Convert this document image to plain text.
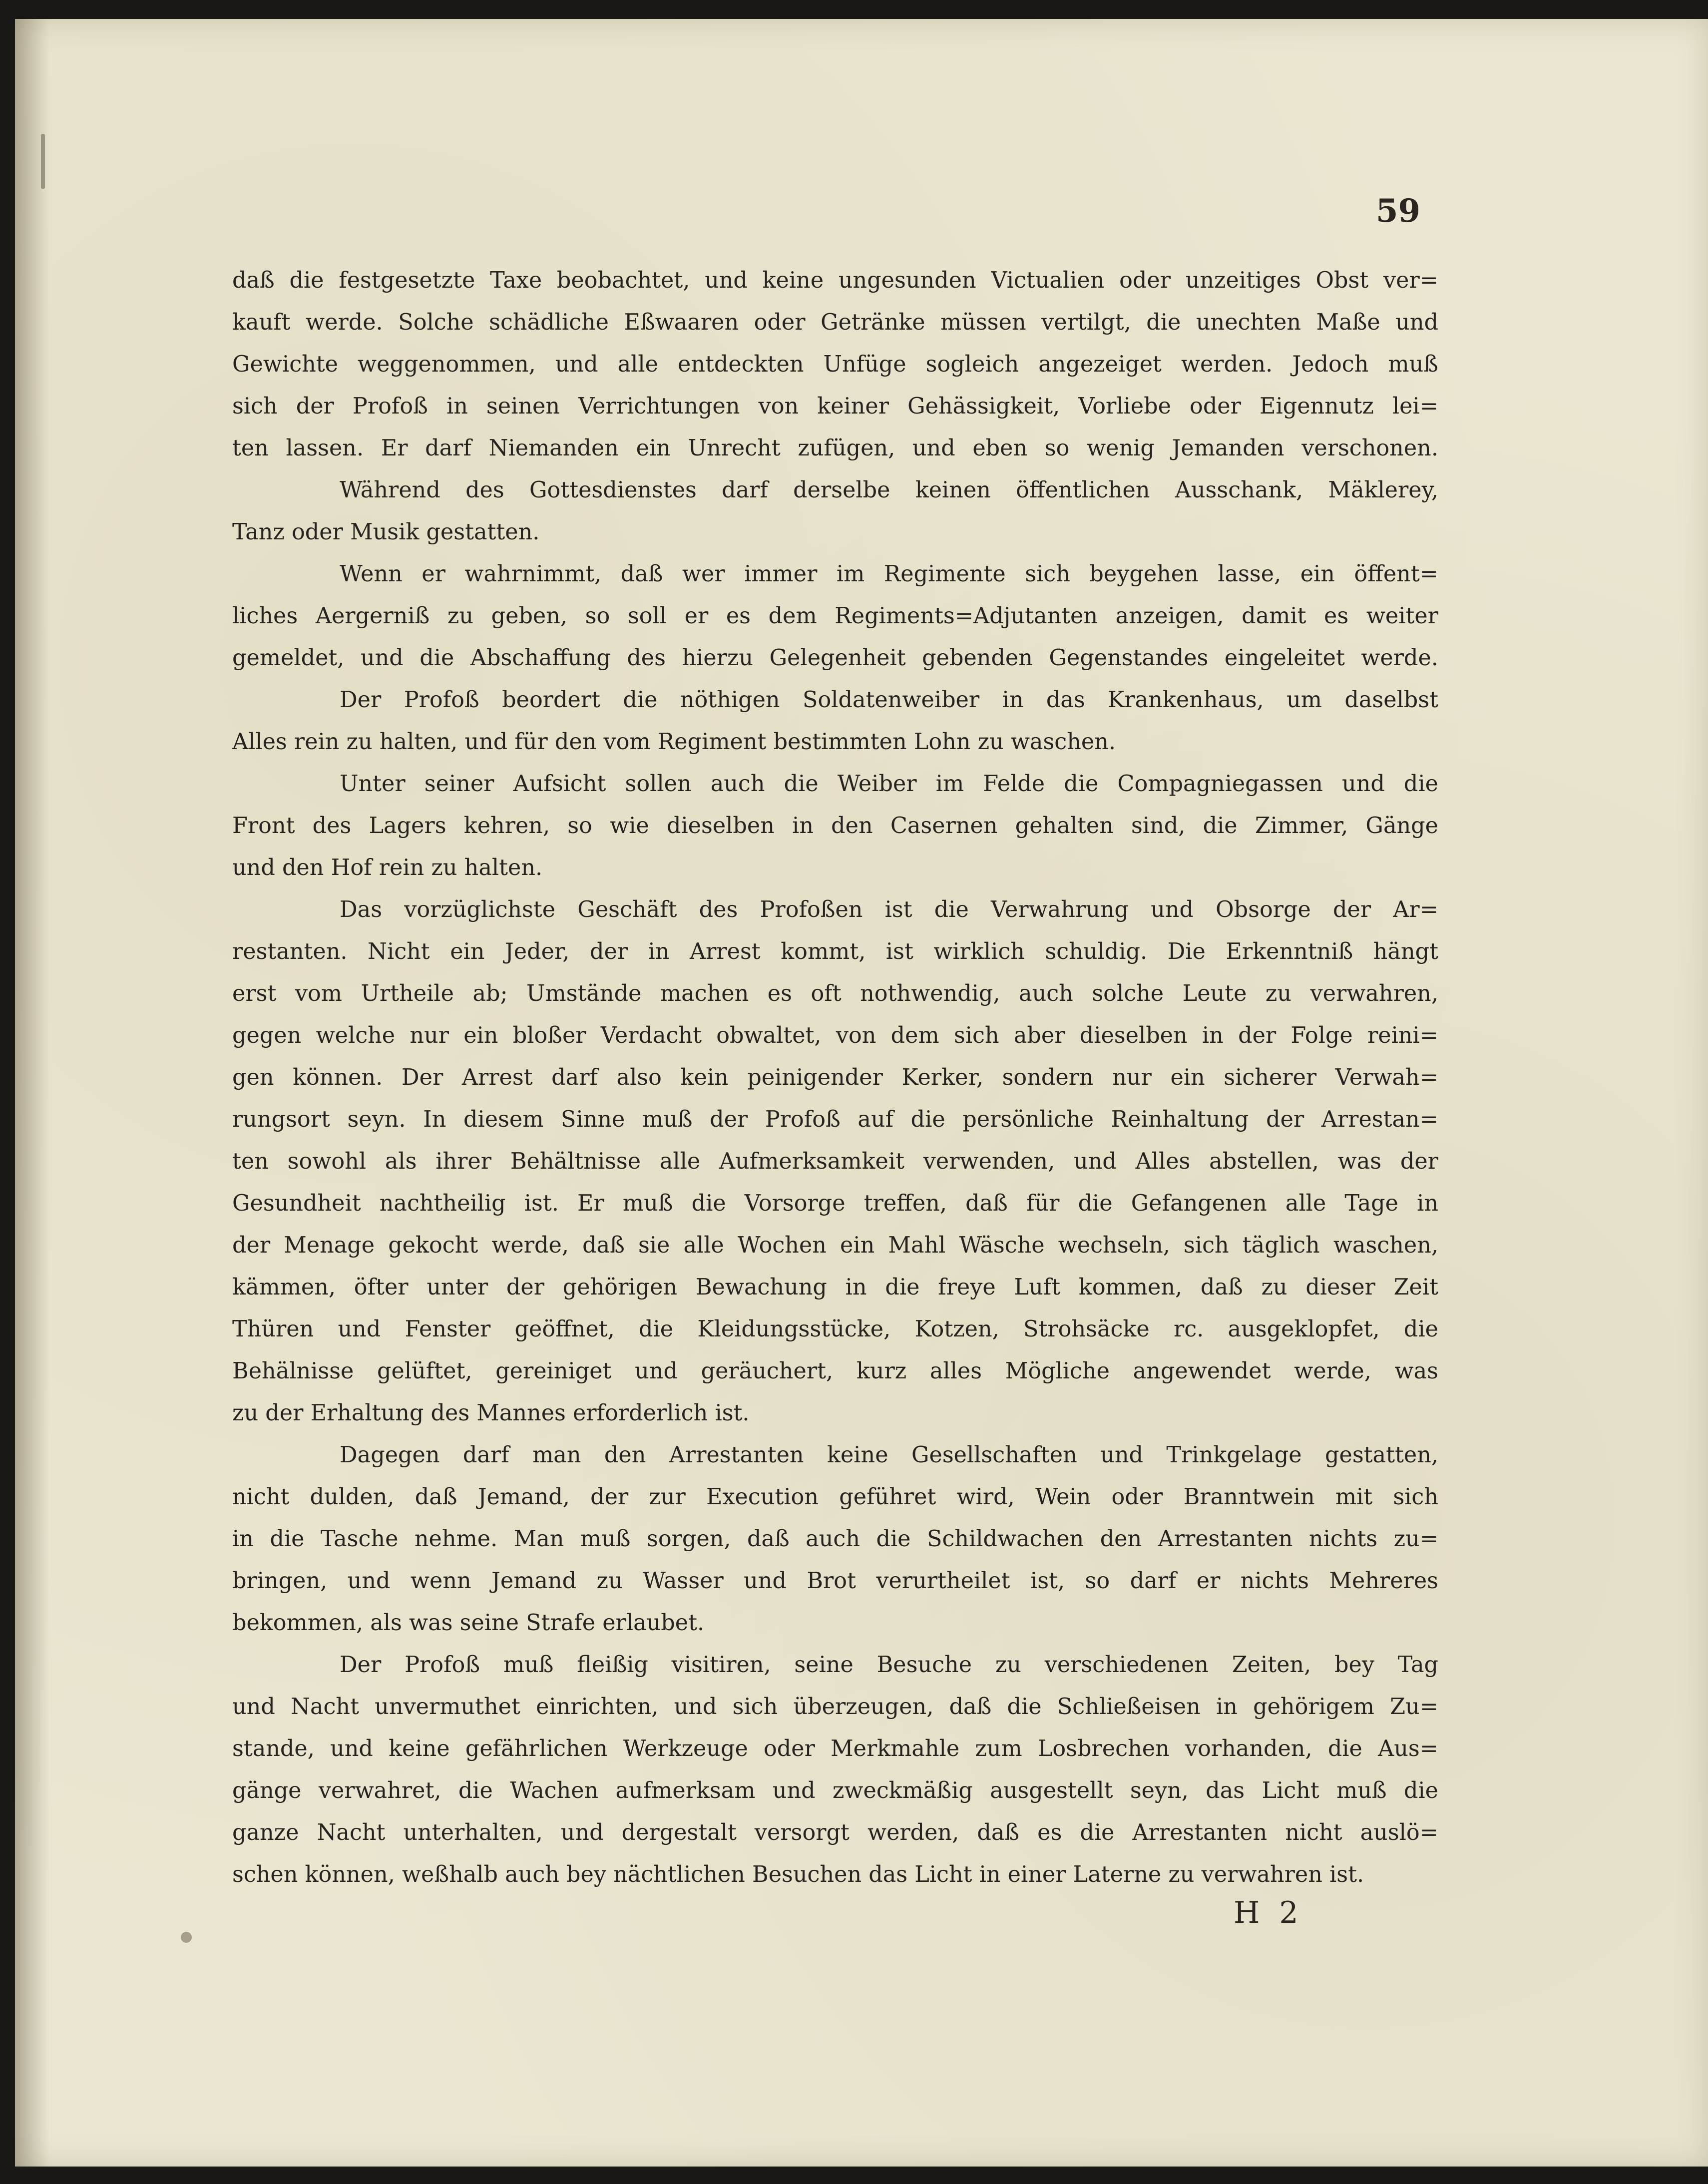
59
daß die festgesetzte Taxe beobachtet, und keine ungesunden Victualien oder unzeitiges Obst ver=
kauft werde. Solche schädliche Eßwaaren oder Getränke müssen vertilgt, die unechten Maße und
Gewichte weggenommen, und alle entdeckten Unfüge sogleich angezeiget werden. Jedoch muß
sich der Profoß in seinen Verrichtungen von keiner Gehässigkeit, Vorliebe oder Eigennutz lei=
ten lassen. Er darf Niemanden ein Unrecht zufügen, und eben so wenig Jemanden verschonen.
Während des Gottesdienstes darf derselbe keinen öffentlichen Ausschank, Mäklerey,
Tanz oder Musik gestatten.
Wenn er wahrnimmt, daß wer immer im Regimente sich beygehen lasse, ein öffent=
liches Aergerniß zu geben, so soll er es dem Regiments=Adjutanten anzeigen, damit es weiter
gemeldet, und die Abschaffung des hierzu Gelegenheit gebenden Gegenstandes eingeleitet werde.
Der Profoß beordert die nöthigen Soldatenweiber in das Krankenhaus, um daselbst
Alles rein zu halten, und für den vom Regiment bestimmten Lohn zu waschen.
Unter seiner Aufsicht sollen auch die Weiber im Felde die Compagniegassen und die
Front des Lagers kehren, so wie dieselben in den Casernen gehalten sind, die Zimmer, Gänge
und den Hof rein zu halten.
Das vorzüglichste Geschäft des Profoßen ist die Verwahrung und Obsorge der Ar=
restanten. Nicht ein Jeder, der in Arrest kommt, ist wirklich schuldig. Die Erkenntniß hängt
erst vom Urtheile ab; Umstände machen es oft nothwendig, auch solche Leute zu verwahren,
gegen welche nur ein bloßer Verdacht obwaltet, von dem sich aber dieselben in der Folge reini=
gen können. Der Arrest darf also kein peinigender Kerker, sondern nur ein sicherer Verwah=
rungsort seyn. In diesem Sinne muß der Profoß auf die persönliche Reinhaltung der Arrestan=
ten sowohl als ihrer Behältnisse alle Aufmerksamkeit verwenden, und Alles abstellen, was der
Gesundheit nachtheilig ist. Er muß die Vorsorge treffen, daß für die Gefangenen alle Tage in
der Menage gekocht werde, daß sie alle Wochen ein Mahl Wäsche wechseln, sich täglich waschen,
kämmen, öfter unter der gehörigen Bewachung in die freye Luft kommen, daß zu dieser Zeit
Thüren und Fenster geöffnet, die Kleidungsstücke, Kotzen, Strohsäcke rc. ausgeklopfet, die
Behälnisse gelüftet, gereiniget und geräuchert, kurz alles Mögliche angewendet werde, was
zu der Erhaltung des Mannes erforderlich ist.
Dagegen darf man den Arrestanten keine Gesellschaften und Trinkgelage gestatten,
nicht dulden, daß Jemand, der zur Execution geführet wird, Wein oder Branntwein mit sich
in die Tasche nehme. Man muß sorgen, daß auch die Schildwachen den Arrestanten nichts zu=
bringen, und wenn Jemand zu Wasser und Brot verurtheilet ist, so darf er nichts Mehreres
bekommen, als was seine Strafe erlaubet.
Der Profoß muß fleißig visitiren, seine Besuche zu verschiedenen Zeiten, bey Tag
und Nacht unvermuthet einrichten, und sich überzeugen, daß die Schließeisen in gehörigem Zu=
stande, und keine gefährlichen Werkzeuge oder Merkmahle zum Losbrechen vorhanden, die Aus=
gänge verwahret, die Wachen aufmerksam und zweckmäßig ausgestellt seyn, das Licht muß die
ganze Nacht unterhalten, und dergestalt versorgt werden, daß es die Arrestanten nicht auslö=
schen können, weßhalb auch bey nächtlichen Besuchen das Licht in einer Laterne zu verwahren ist.
H 2
